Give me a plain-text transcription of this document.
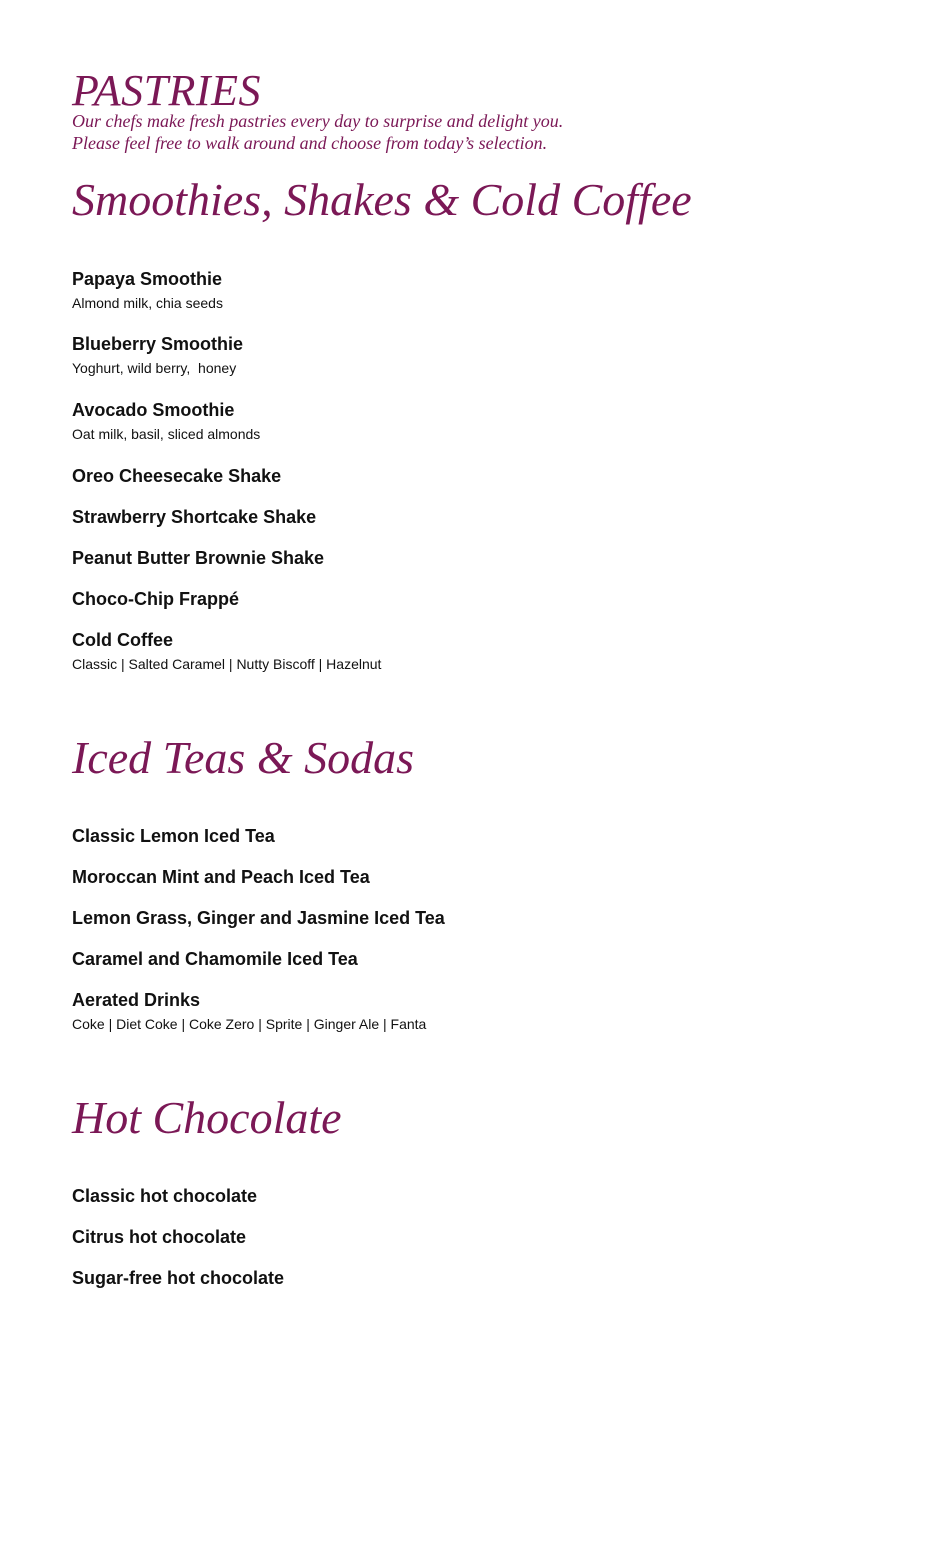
PASTRIES
Our chefs make fresh pastries every day to surprise and delight you.
Please feel free to walk around and choose from today’s selection.
Smoothies, Shakes & Cold Coffee

Papaya Smoothie

Almond milk, chia seeds

Blueberry Smoothie

Yoghurt, wild berry,  honey

Avocado Smoothie

Oat milk, basil, sliced almonds

Oreo Cheesecake Shake

Strawberry Shortcake Shake

Peanut Butter Brownie Shake

Choco-Chip Frappé

Cold Coffee

Classic | Salted Caramel | Nutty Biscoff | Hazelnut

Iced Teas & Sodas

Classic Lemon Iced Tea

Moroccan Mint and Peach Iced Tea

Lemon Grass, Ginger and Jasmine Iced Tea

Caramel and Chamomile Iced Tea

Aerated Drinks

Coke | Diet Coke | Coke Zero | Sprite | Ginger Ale | Fanta

Hot Chocolate

Classic hot chocolate

Citrus hot chocolate

Sugar-free hot chocolate
